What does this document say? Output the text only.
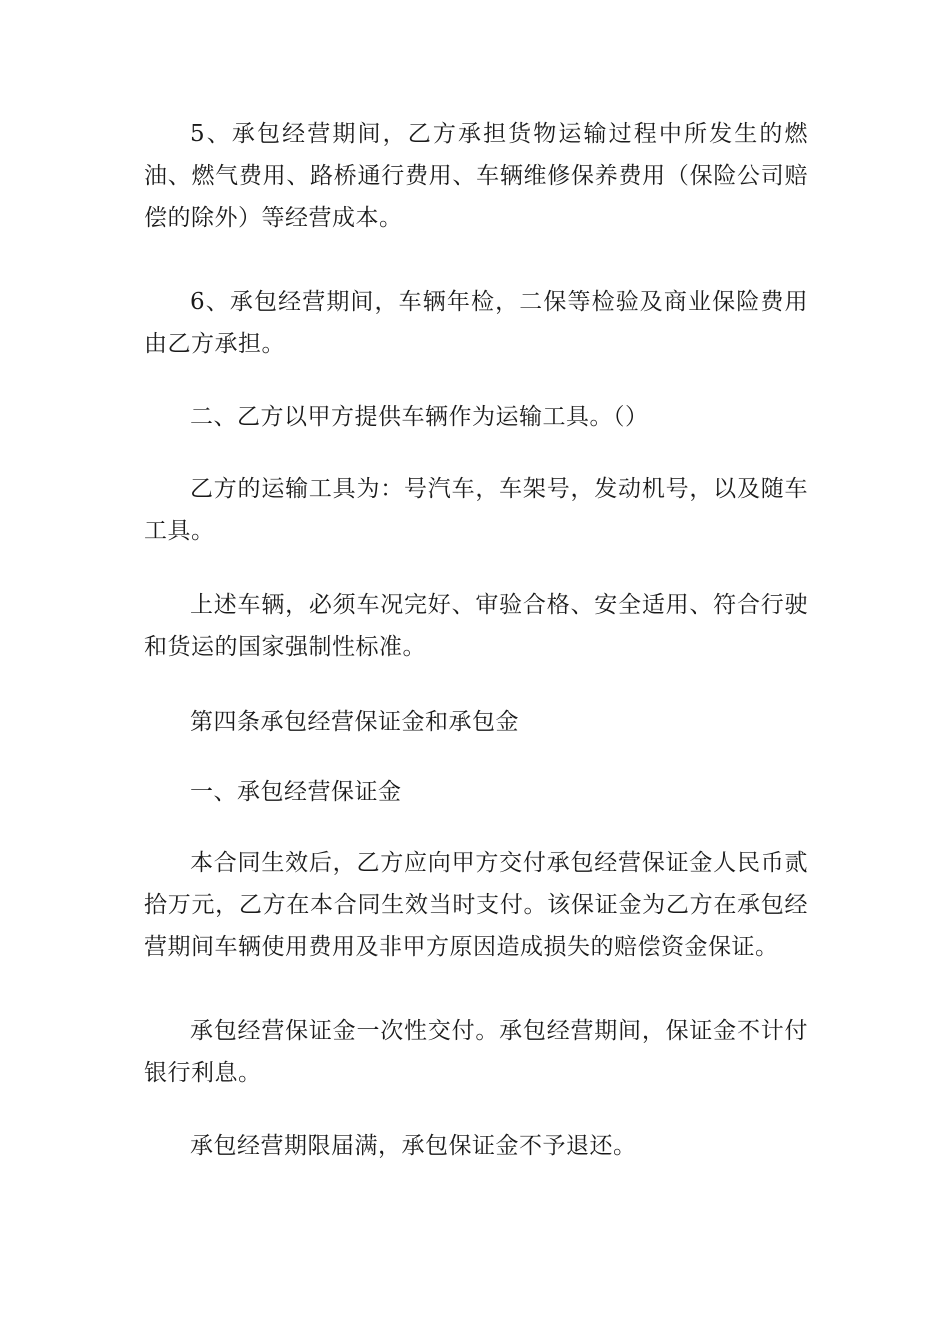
5、承包经营期间，乙方承担货物运输过程中所发生的燃油、燃气费用、路桥通行费用、车辆维修保养费用（保险公司赔偿的除外）等经营成本。

6、承包经营期间，车辆年检，二保等检验及商业保险费用由乙方承担。

二、乙方以甲方提供车辆作为运输工具。（）

乙方的运输工具为：号汽车，车架号，发动机号，以及随车工具。

上述车辆，必须车况完好、审验合格、安全适用、符合行驶和货运的国家强制性标准。

第四条承包经营保证金和承包金

一、承包经营保证金

本合同生效后，乙方应向甲方交付承包经营保证金人民币贰拾万元，乙方在本合同生效当时支付。该保证金为乙方在承包经营期间车辆使用费用及非甲方原因造成损失的赔偿资金保证。

承包经营保证金一次性交付。承包经营期间，保证金不计付银行利息。

承包经营期限届满，承包保证金不予退还。
